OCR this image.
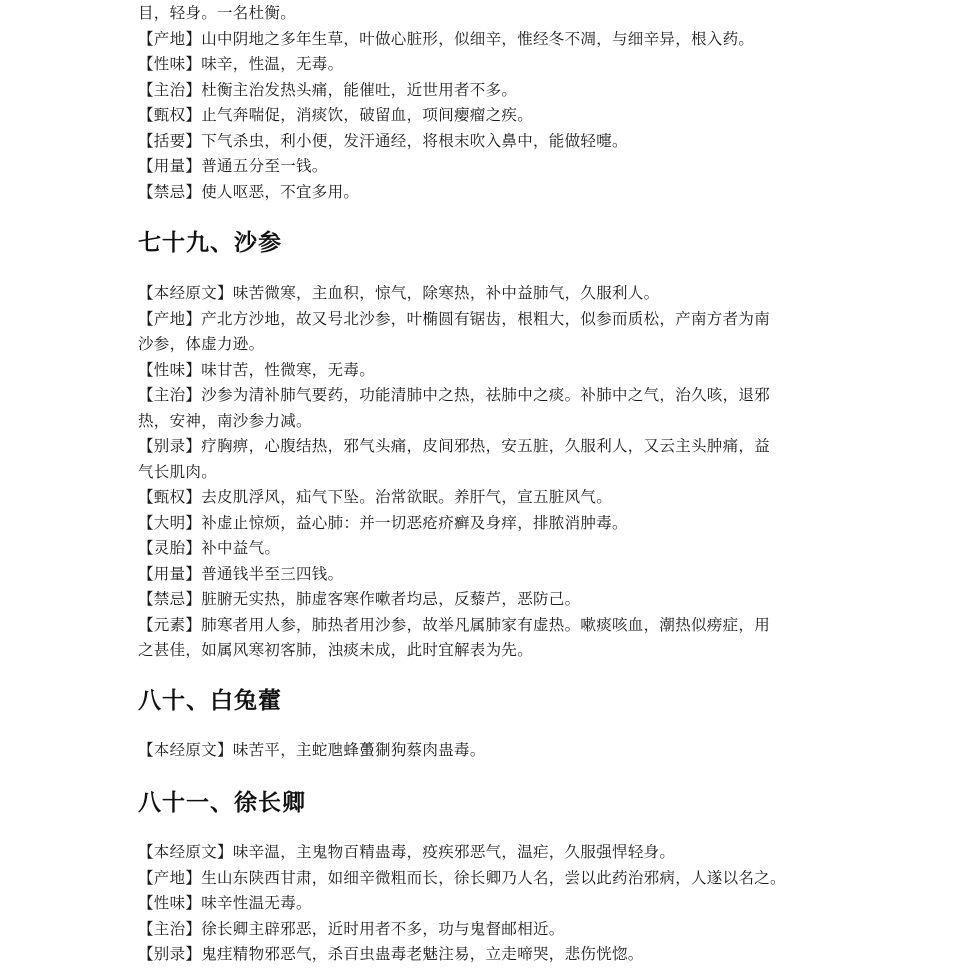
目，轻身。一名杜衡。
【产地】山中阴地之多年生草，叶做心脏形，似细辛，惟经冬不凋，与细辛异，根入药。
【性味】味辛，性温，无毒。
【主治】杜衡主治发热头痛，能催吐，近世用者不多。
【甄权】止气奔喘促，消痰饮，破留血，项间瘿瘤之疾。
【括要】下气杀虫，利小便，发汗通经，将根末吹入鼻中，能做轻嚏。
【用量】普通五分至一钱。
【禁忌】使人呕恶，不宜多用。
七十九、沙参
【本经原文】味苦微寒，主血积，惊气，除寒热，补中益肺气，久服利人。
【产地】产北方沙地，故又号北沙参，叶椭圆有锯齿，根粗大，似参而质松，产南方者为南
沙参，体虚力逊。
【性味】味甘苦，性微寒，无毒。
【主治】沙参为清补肺气要药，功能清肺中之热，祛肺中之痰。补肺中之气，治久咳，退邪
热，安神，南沙参力减。
【别录】疗胸痹，心腹结热，邪气头痛，皮间邪热，安五脏，久服利人，又云主头肿痛，益
气长肌肉。
【甄权】去皮肌浮风，疝气下坠。治常欲眠。养肝气，宣五脏风气。
【大明】补虚止惊烦，益心肺：并一切恶疮疥癣及身痒，排脓消肿毒。
【灵胎】补中益气。
【用量】普通钱半至三四钱。
【禁忌】脏腑无实热，肺虚客寒作嗽者均忌，反藜芦，恶防己。
【元素】肺寒者用人参，肺热者用沙参，故举凡属肺家有虚热。嗽痰咳血，潮热似痨症，用
之甚佳，如属风寒初客肺，浊痰未成，此时宜解表为先。
八十、白兔藿
【本经原文】味苦平，主蛇虺蜂蠆猘狗蔡肉蛊毒。
八十一、徐长卿
【本经原文】味辛温，主鬼物百精蛊毒，疫疾邪恶气，温疟，久服强悍轻身。
【产地】生山东陕西甘肃，如细辛微粗而长，徐长卿乃人名，尝以此药治邪病，人遂以名之。
【性味】味辛性温无毒。
【主治】徐长卿主辟邪恶，近时用者不多，功与鬼督邮相近。
【别录】鬼疰精物邪恶气，杀百虫蛊毒老魅注易，立走啼哭，悲伤恍惚。
